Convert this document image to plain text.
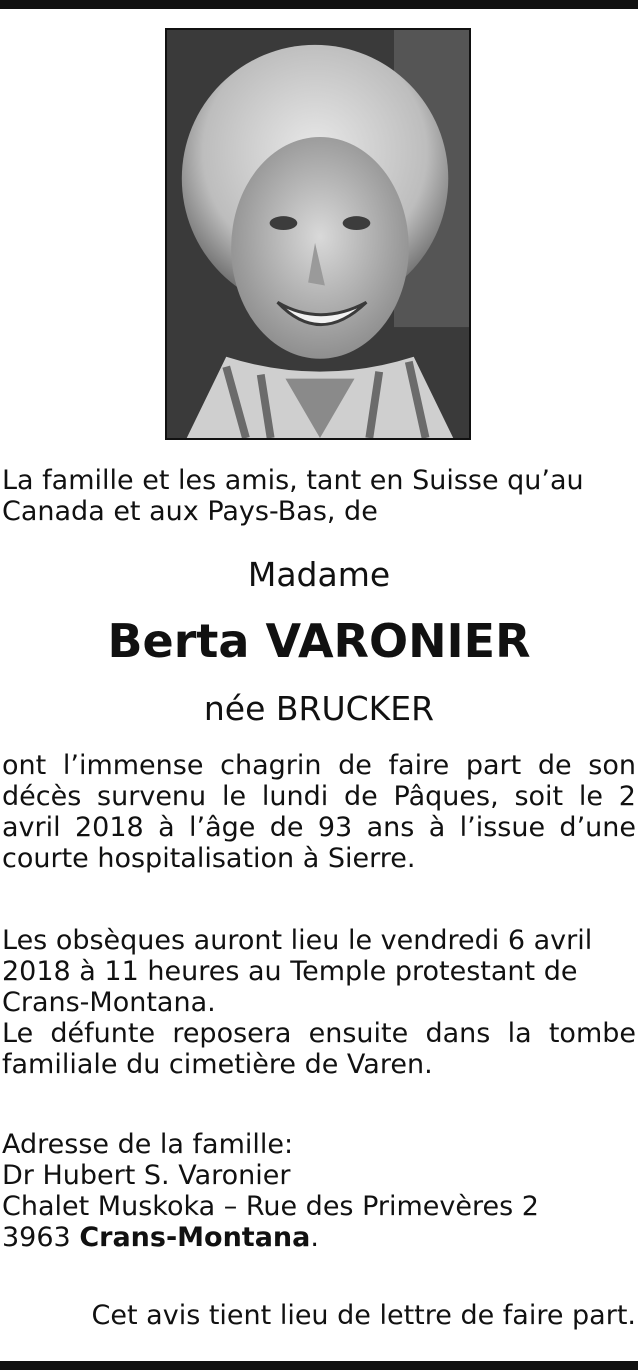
La famille et les amis, tant en Suisse qu’au
Canada et aux Pays-Bas, de
Madame
Berta VARONIER
née BRUCKER
ont l’immense chagrin de faire part de son décès survenu le lundi de Pâques, soit le 2 avril 2018 à l’âge de 93 ans à l’issue d’une courte hospitalisation à Sierre.
Les obsèques auront lieu le vendredi 6 avril
2018 à 11 heures au Temple protestant de
Crans-Montana.
Le défunte reposera ensuite dans la tombe familiale du cimetière de Varen.
Adresse de la famille:
Dr Hubert S. Varonier
Chalet Muskoka – Rue des Primevères 2
3963 Crans-Montana.
Cet avis tient lieu de lettre de faire part.
